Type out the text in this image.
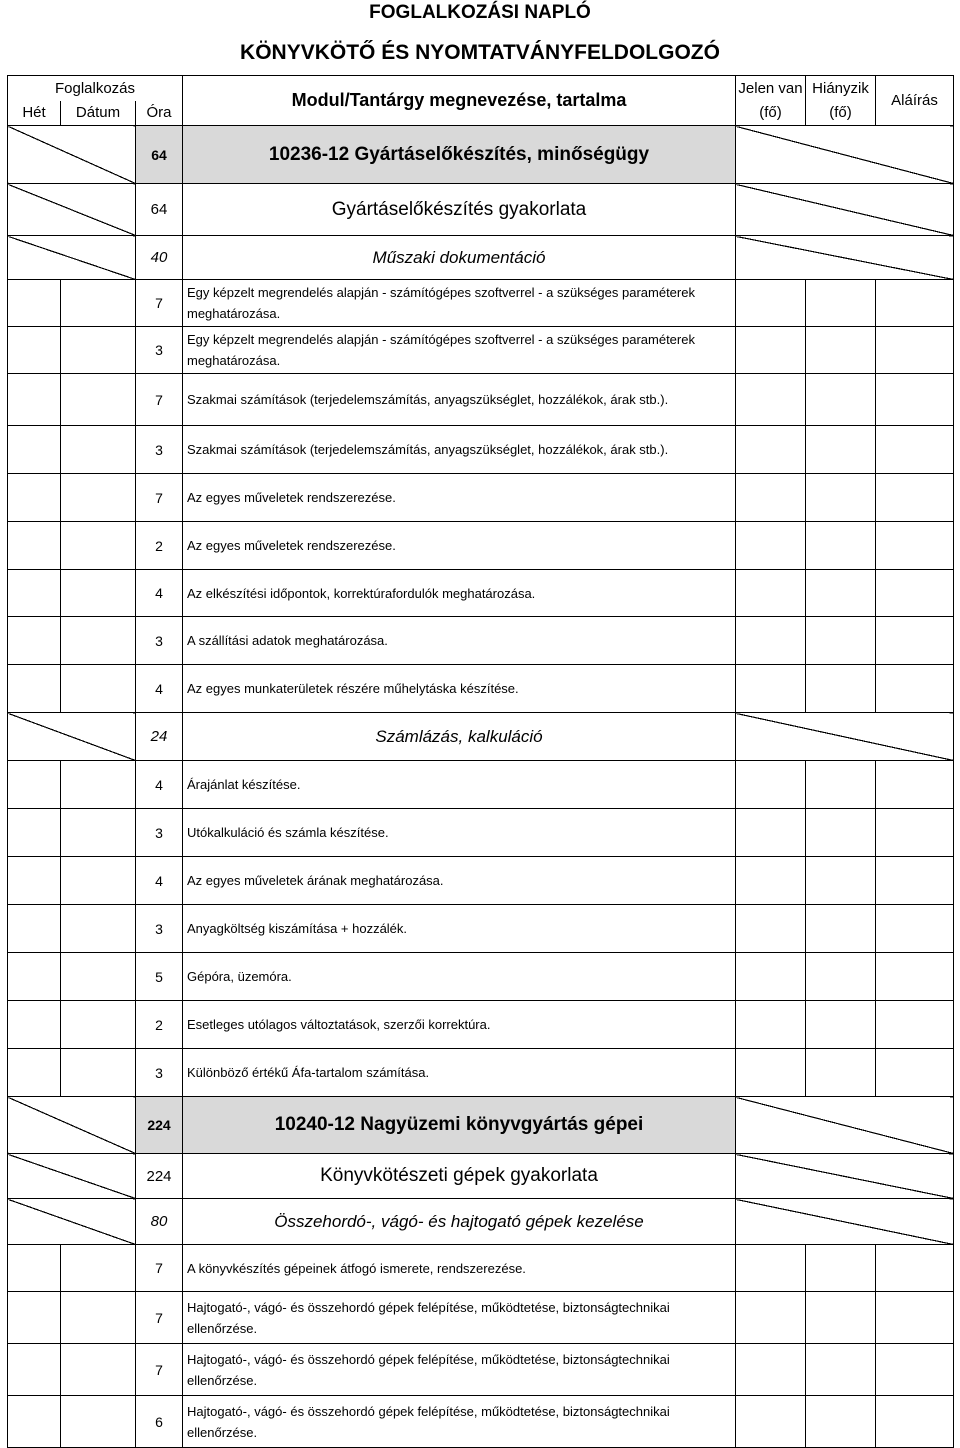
FOGLALKOZÁSI NAPLÓ
KÖNYVKÖTŐ ÉS NYOMTATVÁNYFELDOLGOZÓ
Foglalkozás			Modul/Tantárgy megnevezése, tartalma	Jelen van	Hiányzik	Aláírás
Hét	Dátum	Óra		(fő)	(fő)	
		64	10236-12 Gyártáselőkészítés, minőségügy			
		64	Gyártáselőkészítés gyakorlata			
		40	Műszaki dokumentáció			
		7	Egy képzelt megrendelés alapján - számítógépes szoftverrel - a szükséges paraméterek meghatározása.			
		3	Egy képzelt megrendelés alapján - számítógépes szoftverrel - a szükséges paraméterek meghatározása.			
		7	Szakmai számítások (terjedelemszámítás, anyagszükséglet, hozzálékok, árak stb.).			
		3	Szakmai számítások (terjedelemszámítás, anyagszükséglet, hozzálékok, árak stb.).			
		7	Az egyes műveletek rendszerezése.			
		2	Az egyes műveletek rendszerezése.			
		4	Az elkészítési időpontok, korrektúrafordulók meghatározása.			
		3	A szállítási adatok meghatározása.			
		4	Az egyes munkaterületek részére műhelytáska készítése.			
		24	Számlázás, kalkuláció			
		4	Árajánlat készítése.			
		3	Utókalkuláció és számla készítése.			
		4	Az egyes műveletek árának meghatározása.			
		3	Anyagköltség kiszámítása + hozzálék.			
		5	Gépóra, üzemóra.			
		2	Esetleges utólagos változtatások, szerzői korrektúra.			
		3	Különböző értékű Áfa-tartalom számítása.			
		224	10240-12 Nagyüzemi könyvgyártás gépei			
		224	Könyvkötészeti gépek gyakorlata			
		80	Összehordó-, vágó- és hajtogató gépek kezelése			
		7	A könyvkészítés gépeinek átfogó ismerete, rendszerezése.			
		7	Hajtogató-, vágó- és összehordó gépek felépítése, működtetése, biztonságtechnikai ellenőrzése.			
		7	Hajtogató-, vágó- és összehordó gépek felépítése, működtetése, biztonságtechnikai ellenőrzése.			
		6	Hajtogató-, vágó- és összehordó gépek felépítése, működtetése, biztonságtechnikai ellenőrzése.			
